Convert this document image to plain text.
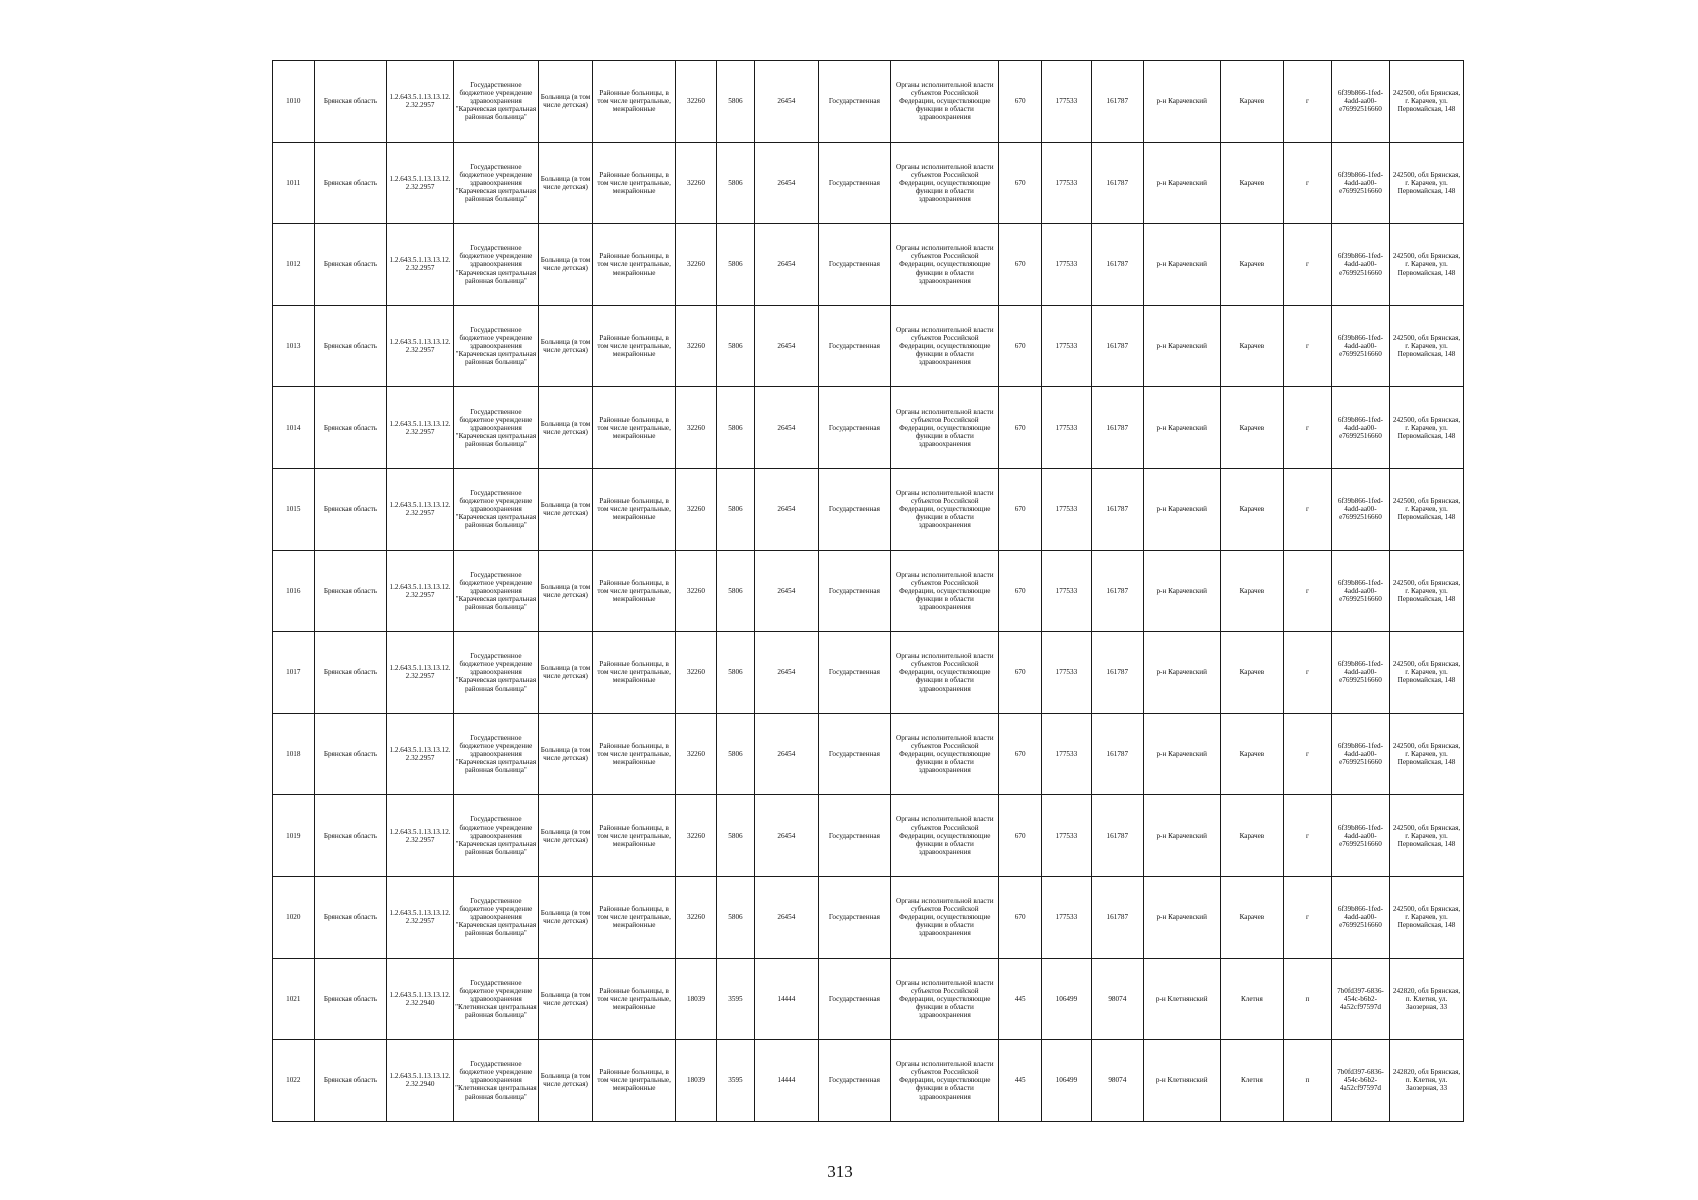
1010	Брянская область	1.2.643.5.1.13.13.12.2.32.2957	Государственное бюджетное учреждение здравоохранения "Карачевская центральная районная больница"	Больница (в том числе детская)	Районные больницы, в том числе центральные, межрайонные	32260	5806	26454	Государственная	Органы исполнительной власти субъектов Российской Федерации, осуществляющие функции в области здравоохранения	670	177533	161787	р-н Карачевский	Карачев	г	6f39b866-1fed-4add-aa00-e76992516660	242500, обл Брянская, г. Карачев, ул. Первомайская, 148
1011	Брянская область	1.2.643.5.1.13.13.12.2.32.2957	Государственное бюджетное учреждение здравоохранения "Карачевская центральная районная больница"	Больница (в том числе детская)	Районные больницы, в том числе центральные, межрайонные	32260	5806	26454	Государственная	Органы исполнительной власти субъектов Российской Федерации, осуществляющие функции в области здравоохранения	670	177533	161787	р-н Карачевский	Карачев	г	6f39b866-1fed-4add-aa00-e76992516660	242500, обл Брянская, г. Карачев, ул. Первомайская, 148
1012	Брянская область	1.2.643.5.1.13.13.12.2.32.2957	Государственное бюджетное учреждение здравоохранения "Карачевская центральная районная больница"	Больница (в том числе детская)	Районные больницы, в том числе центральные, межрайонные	32260	5806	26454	Государственная	Органы исполнительной власти субъектов Российской Федерации, осуществляющие функции в области здравоохранения	670	177533	161787	р-н Карачевский	Карачев	г	6f39b866-1fed-4add-aa00-e76992516660	242500, обл Брянская, г. Карачев, ул. Первомайская, 148
1013	Брянская область	1.2.643.5.1.13.13.12.2.32.2957	Государственное бюджетное учреждение здравоохранения "Карачевская центральная районная больница"	Больница (в том числе детская)	Районные больницы, в том числе центральные, межрайонные	32260	5806	26454	Государственная	Органы исполнительной власти субъектов Российской Федерации, осуществляющие функции в области здравоохранения	670	177533	161787	р-н Карачевский	Карачев	г	6f39b866-1fed-4add-aa00-e76992516660	242500, обл Брянская, г. Карачев, ул. Первомайская, 148
1014	Брянская область	1.2.643.5.1.13.13.12.2.32.2957	Государственное бюджетное учреждение здравоохранения "Карачевская центральная районная больница"	Больница (в том числе детская)	Районные больницы, в том числе центральные, межрайонные	32260	5806	26454	Государственная	Органы исполнительной власти субъектов Российской Федерации, осуществляющие функции в области здравоохранения	670	177533	161787	р-н Карачевский	Карачев	г	6f39b866-1fed-4add-aa00-e76992516660	242500, обл Брянская, г. Карачев, ул. Первомайская, 148
1015	Брянская область	1.2.643.5.1.13.13.12.2.32.2957	Государственное бюджетное учреждение здравоохранения "Карачевская центральная районная больница"	Больница (в том числе детская)	Районные больницы, в том числе центральные, межрайонные	32260	5806	26454	Государственная	Органы исполнительной власти субъектов Российской Федерации, осуществляющие функции в области здравоохранения	670	177533	161787	р-н Карачевский	Карачев	г	6f39b866-1fed-4add-aa00-e76992516660	242500, обл Брянская, г. Карачев, ул. Первомайская, 148
1016	Брянская область	1.2.643.5.1.13.13.12.2.32.2957	Государственное бюджетное учреждение здравоохранения "Карачевская центральная районная больница"	Больница (в том числе детская)	Районные больницы, в том числе центральные, межрайонные	32260	5806	26454	Государственная	Органы исполнительной власти субъектов Российской Федерации, осуществляющие функции в области здравоохранения	670	177533	161787	р-н Карачевский	Карачев	г	6f39b866-1fed-4add-aa00-e76992516660	242500, обл Брянская, г. Карачев, ул. Первомайская, 148
1017	Брянская область	1.2.643.5.1.13.13.12.2.32.2957	Государственное бюджетное учреждение здравоохранения "Карачевская центральная районная больница"	Больница (в том числе детская)	Районные больницы, в том числе центральные, межрайонные	32260	5806	26454	Государственная	Органы исполнительной власти субъектов Российской Федерации, осуществляющие функции в области здравоохранения	670	177533	161787	р-н Карачевский	Карачев	г	6f39b866-1fed-4add-aa00-e76992516660	242500, обл Брянская, г. Карачев, ул. Первомайская, 148
1018	Брянская область	1.2.643.5.1.13.13.12.2.32.2957	Государственное бюджетное учреждение здравоохранения "Карачевская центральная районная больница"	Больница (в том числе детская)	Районные больницы, в том числе центральные, межрайонные	32260	5806	26454	Государственная	Органы исполнительной власти субъектов Российской Федерации, осуществляющие функции в области здравоохранения	670	177533	161787	р-н Карачевский	Карачев	г	6f39b866-1fed-4add-aa00-e76992516660	242500, обл Брянская, г. Карачев, ул. Первомайская, 148
1019	Брянская область	1.2.643.5.1.13.13.12.2.32.2957	Государственное бюджетное учреждение здравоохранения "Карачевская центральная районная больница"	Больница (в том числе детская)	Районные больницы, в том числе центральные, межрайонные	32260	5806	26454	Государственная	Органы исполнительной власти субъектов Российской Федерации, осуществляющие функции в области здравоохранения	670	177533	161787	р-н Карачевский	Карачев	г	6f39b866-1fed-4add-aa00-e76992516660	242500, обл Брянская, г. Карачев, ул. Первомайская, 148
1020	Брянская область	1.2.643.5.1.13.13.12.2.32.2957	Государственное бюджетное учреждение здравоохранения "Карачевская центральная районная больница"	Больница (в том числе детская)	Районные больницы, в том числе центральные, межрайонные	32260	5806	26454	Государственная	Органы исполнительной власти субъектов Российской Федерации, осуществляющие функции в области здравоохранения	670	177533	161787	р-н Карачевский	Карачев	г	6f39b866-1fed-4add-aa00-e76992516660	242500, обл Брянская, г. Карачев, ул. Первомайская, 148
1021	Брянская область	1.2.643.5.1.13.13.12.2.32.2940	Государственное бюджетное учреждение здравоохранения "Клетнянская центральная районная больница"	Больница (в том числе детская)	Районные больницы, в том числе центральные, межрайонные	18039	3595	14444	Государственная	Органы исполнительной власти субъектов Российской Федерации, осуществляющие функции в области здравоохранения	445	106499	98074	р-н Клетнянский	Клетня	п	7b0fd397-6836-454c-b6b2-4a52cf97597d	242820, обл Брянская, п. Клетня, ул. Заозерная, 33
1022	Брянская область	1.2.643.5.1.13.13.12.2.32.2940	Государственное бюджетное учреждение здравоохранения "Клетнянская центральная районная больница"	Больница (в том числе детская)	Районные больницы, в том числе центральные, межрайонные	18039	3595	14444	Государственная	Органы исполнительной власти субъектов Российской Федерации, осуществляющие функции в области здравоохранения	445	106499	98074	р-н Клетнянский	Клетня	п	7b0fd397-6836-454c-b6b2-4a52cf97597d	242820, обл Брянская, п. Клетня, ул. Заозерная, 33
313
